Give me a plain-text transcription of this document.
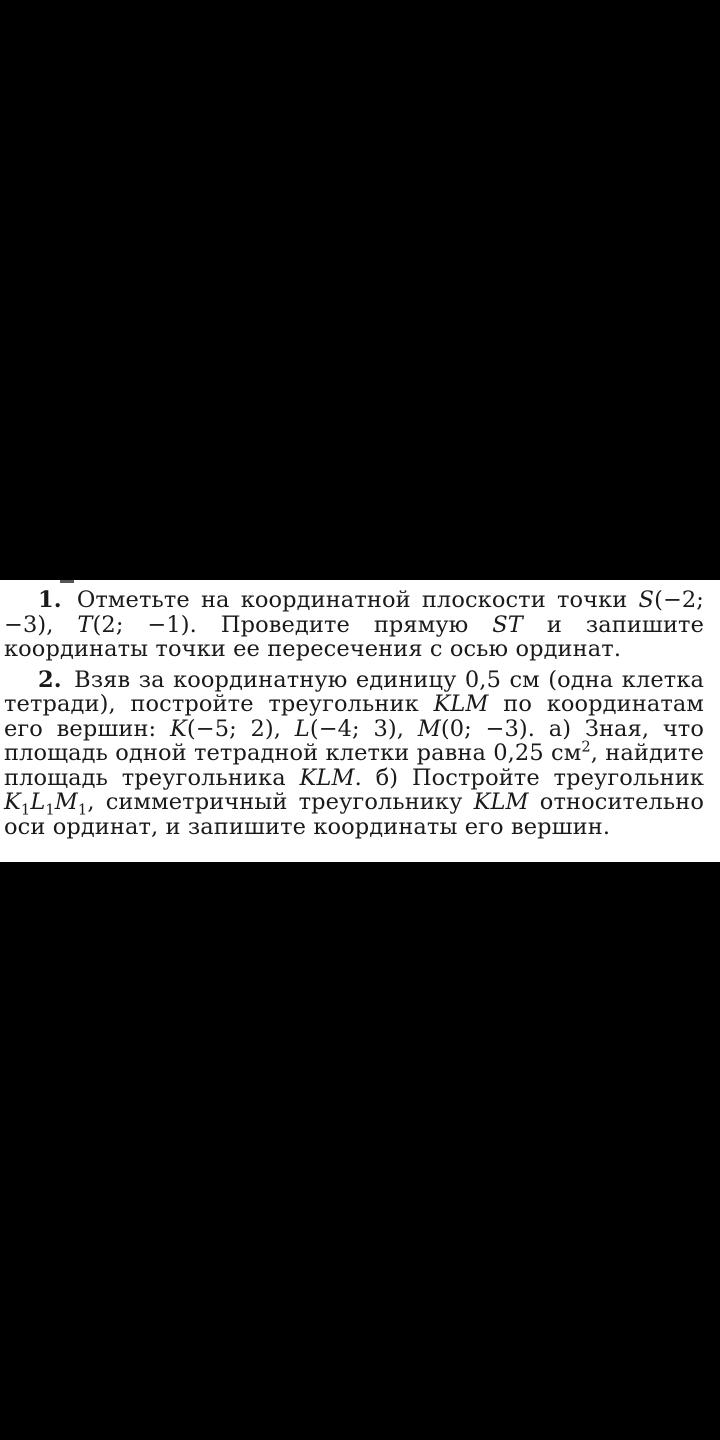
1. Отметьте на координатной плоскости точки S(−2; −3), T(2; −1). Проведите прямую ST и запишите координаты точки ее пересечения с осью ординат.

2. Взяв за координатную единицу 0,5 см (одна клетка тетради), постройте треугольник KLM по координатам его вершин: K(−5; 2), L(−4; 3), M(0; −3). а) Зная, что площадь одной тетрадной клетки равна 0,25 $см^2$, найдите площадь треугольника KLM. б) Постройте треугольник $K_1L_1M_1$, симметричный треугольнику KLM относительно оси ординат, и запишите координаты его вершин.
